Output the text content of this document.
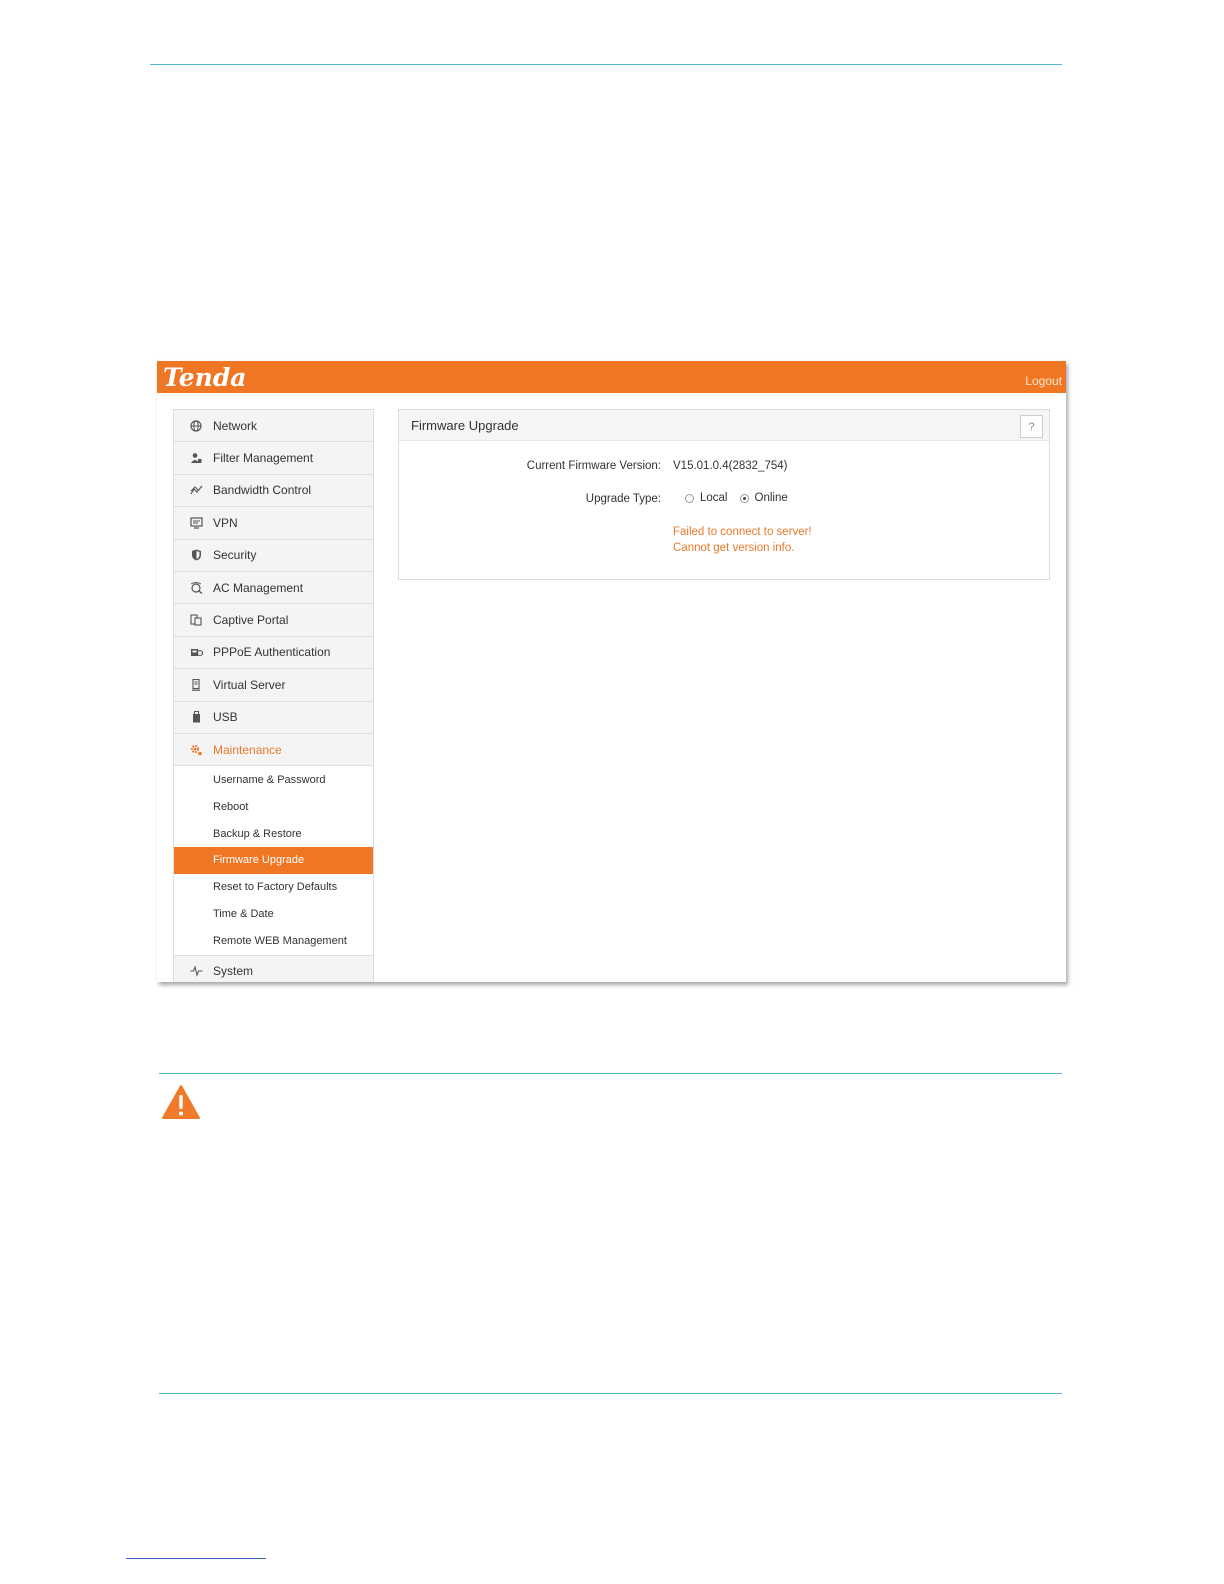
Tenda	Logout
Network
Filter Management
Bandwidth Control
VPN
Security
AC Management
Captive Portal
PPPoE Authentication
Virtual Server
USB
Maintenance
Username & Password
Reboot
Backup & Restore
Firmware Upgrade
Reset to Factory Defaults
Time & Date
Remote WEB Management
System
Firmware Upgrade	?
Current Firmware Version: V15.01.0.4(2832_754)
Upgrade Type:	Local Online
Failed to connect to server!
Cannot get version info.
